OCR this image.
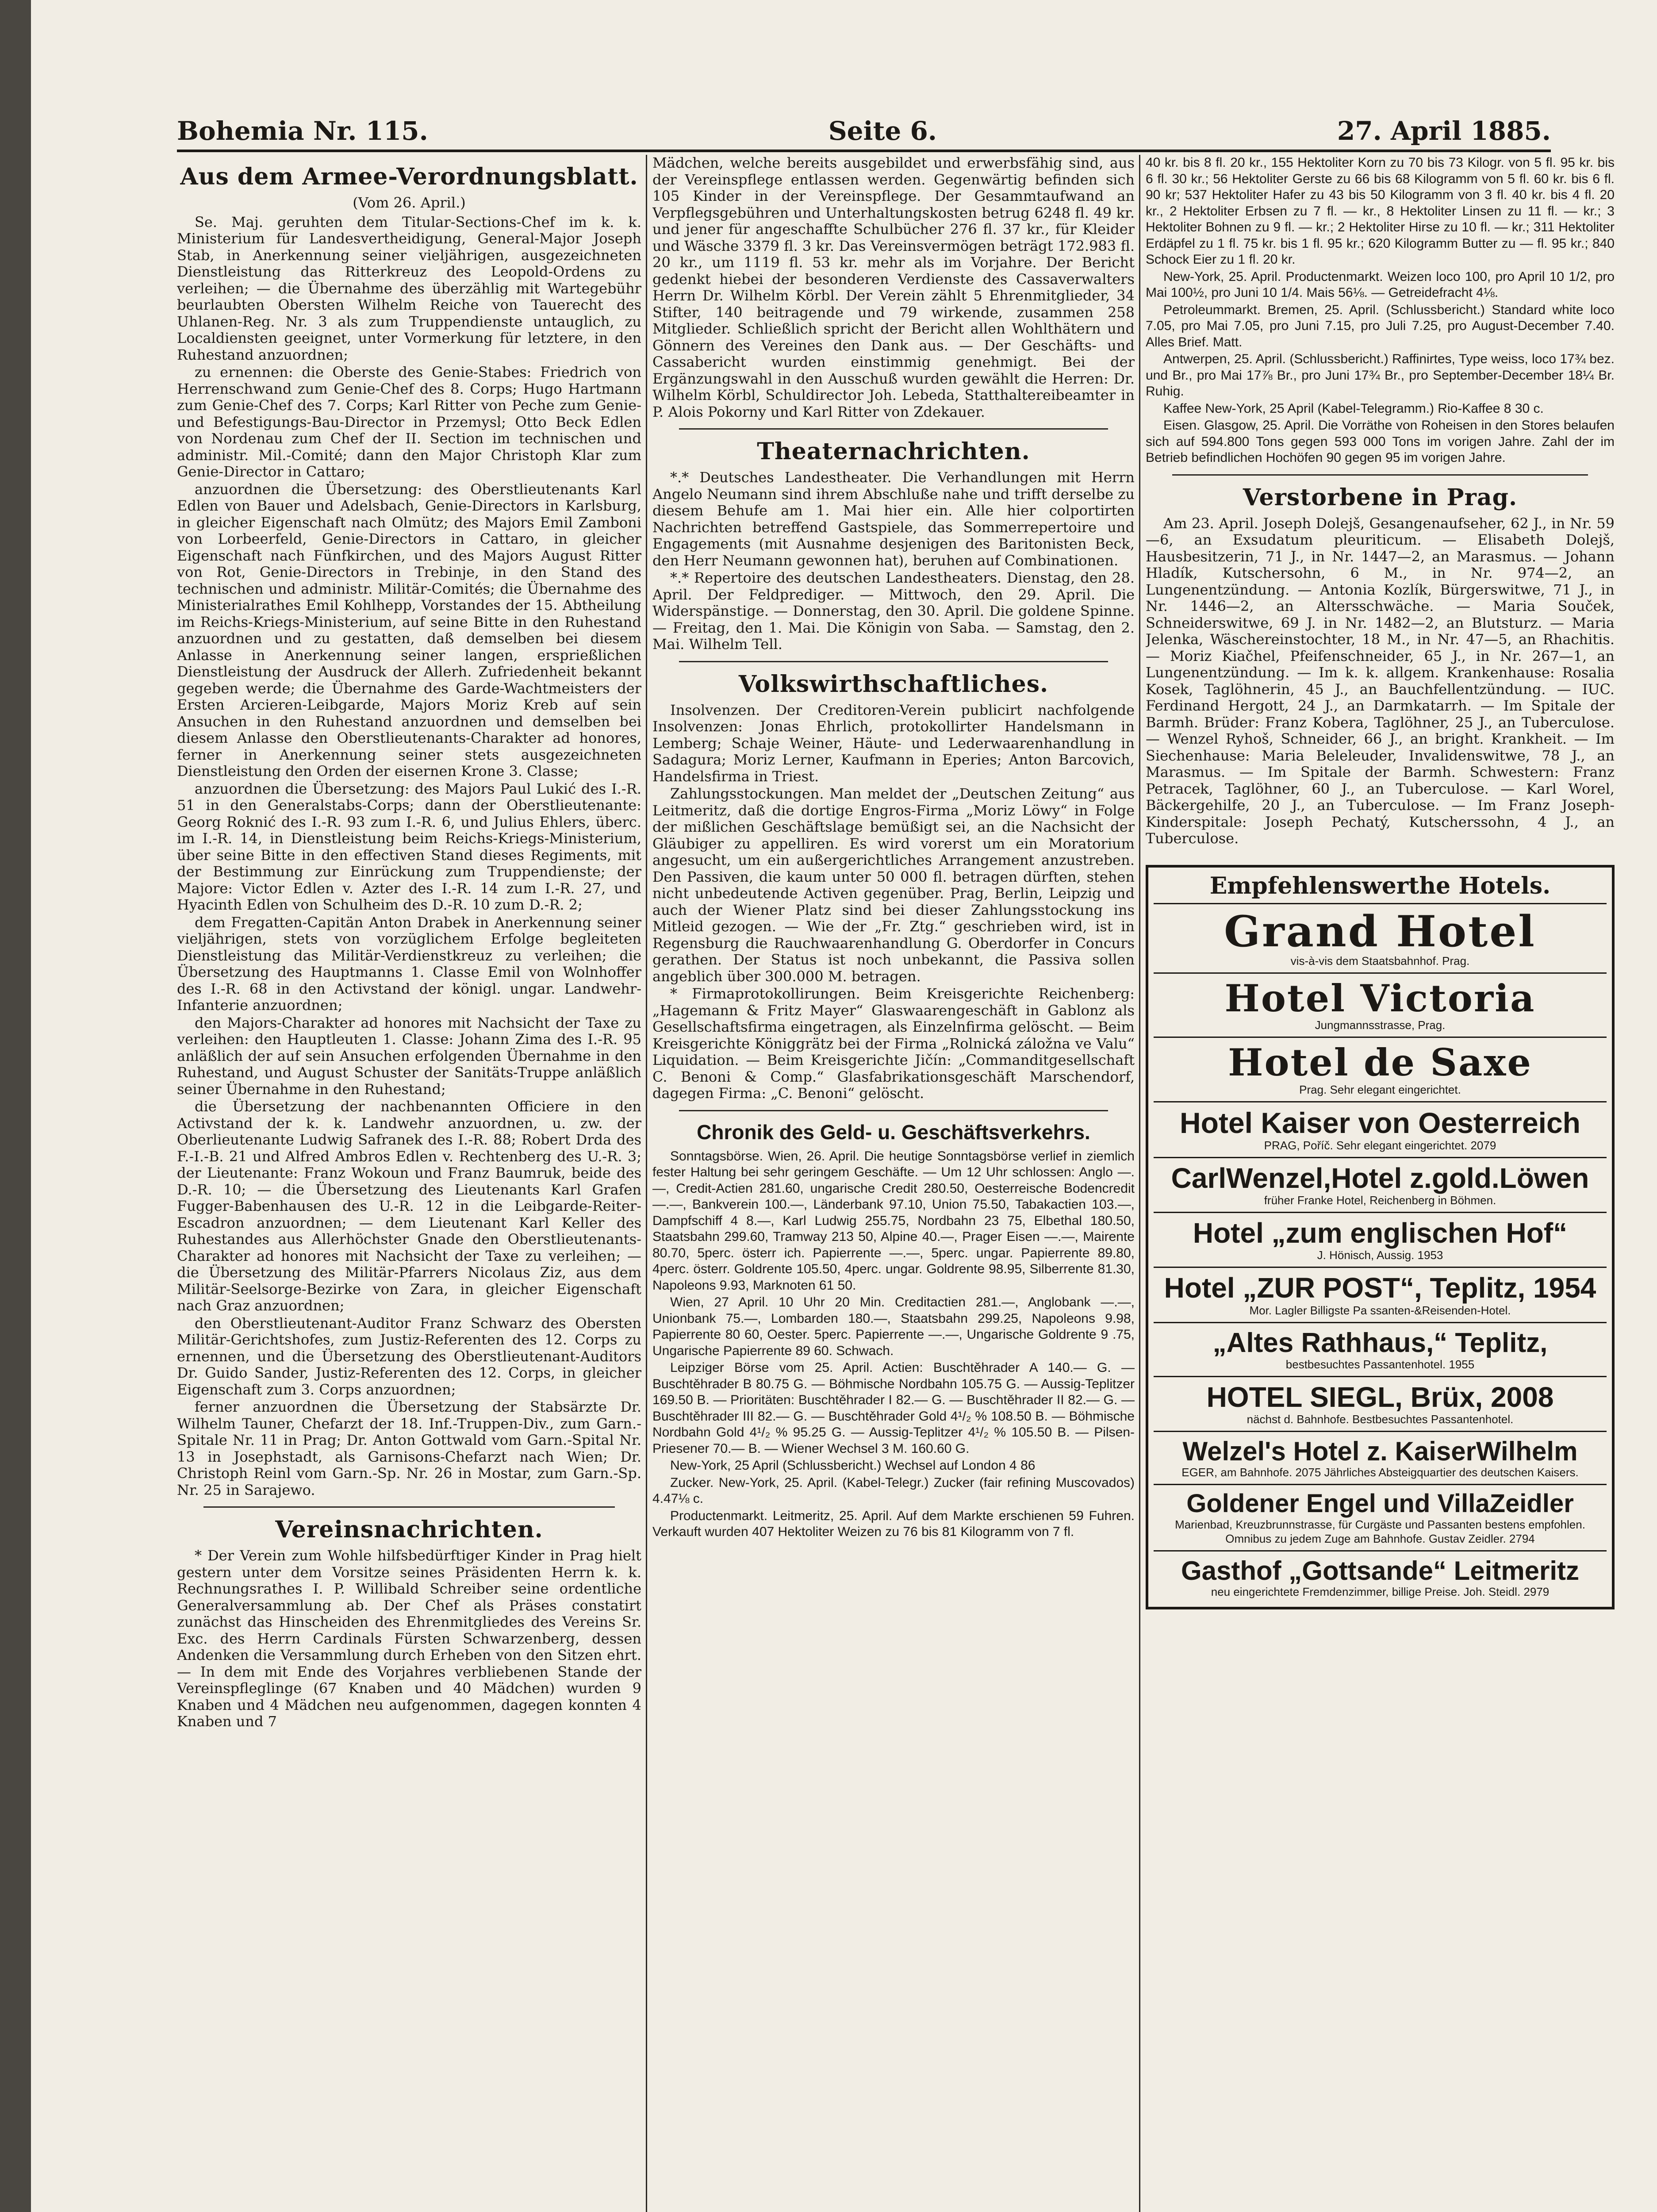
Bohemia Nr. 115.	Seite 6.	27. April 1885.
Aus dem Armee-Verordnungsblatt.
(Vom 26. April.)

Se. Maj. geruhten dem Titular-Sections-Chef im k. k. Ministerium für Landesvertheidigung, General-Major Joseph Stab, in Anerkennung seiner vieljährigen, ausgezeichneten Dienstleistung das Ritterkreuz des Leopold-Ordens zu verleihen; — die Übernahme des überzählig mit Wartegebühr beurlaubten Obersten Wilhelm Reiche von Tauerecht des Uhlanen-Reg. Nr. 3 als zum Truppendienste untauglich, zu Localdiensten geeignet, unter Vormerkung für letztere, in den Ruhestand anzuordnen;

zu ernennen: die Oberste des Genie-Stabes: Friedrich von Herrenschwand zum Genie-Chef des 8. Corps; Hugo Hartmann zum Genie-Chef des 7. Corps; Karl Ritter von Peche zum Genie- und Befestigungs-Bau-Director in Przemysl; Otto Beck Edlen von Nordenau zum Chef der II. Section im technischen und administr. Mil.-Comité; dann den Major Christoph Klar zum Genie-Director in Cattaro;

anzuordnen die Übersetzung: des Oberstlieutenants Karl Edlen von Bauer und Adelsbach, Genie-Directors in Karlsburg, in gleicher Eigenschaft nach Olmütz; des Majors Emil Zamboni von Lorbeerfeld, Genie-Directors in Cattaro, in gleicher Eigenschaft nach Fünfkirchen, und des Majors August Ritter von Rot, Genie-Directors in Trebinje, in den Stand des technischen und administr. Militär-Comités; die Übernahme des Ministerialrathes Emil Kohlhepp, Vorstandes der 15. Abtheilung im Reichs-Kriegs-Ministerium, auf seine Bitte in den Ruhestand anzuordnen und zu gestatten, daß demselben bei diesem Anlasse in Anerkennung seiner langen, ersprießlichen Dienstleistung der Ausdruck der Allerh. Zufriedenheit bekannt gegeben werde; die Übernahme des Garde-Wachtmeisters der Ersten Arcieren-Leibgarde, Majors Moriz Kreb auf sein Ansuchen in den Ruhestand anzuordnen und demselben bei diesem Anlasse den Oberstlieutenants-Charakter ad honores, ferner in Anerkennung seiner stets ausgezeichneten Dienstleistung den Orden der eisernen Krone 3. Classe;

anzuordnen die Übersetzung: des Majors Paul Lukić des I.-R. 51 in den Generalstabs-Corps; dann der Oberstlieutenante: Georg Roknić des I.-R. 93 zum I.-R. 6, und Julius Ehlers, überc. im I.-R. 14, in Dienstleistung beim Reichs-Kriegs-Ministerium, über seine Bitte in den effectiven Stand dieses Regiments, mit der Bestimmung zur Einrückung zum Truppendienste; der Majore: Victor Edlen v. Azter des I.-R. 14 zum I.-R. 27, und Hyacinth Edlen von Schulheim des D.-R. 10 zum D.-R. 2;

dem Fregatten-Capitän Anton Drabek in Anerkennung seiner vieljährigen, stets von vorzüglichem Erfolge begleiteten Dienstleistung das Militär-Verdienstkreuz zu verleihen; die Übersetzung des Hauptmanns 1. Classe Emil von Wolnhoffer des I.-R. 68 in den Activstand der königl. ungar. Landwehr-Infanterie anzuordnen;

den Majors-Charakter ad honores mit Nachsicht der Taxe zu verleihen: den Hauptleuten 1. Classe: Johann Zima des I.-R. 95 anläßlich der auf sein Ansuchen erfolgenden Übernahme in den Ruhestand, und August Schuster der Sanitäts-Truppe anläßlich seiner Übernahme in den Ruhestand;

die Übersetzung der nachbenannten Officiere in den Activstand der k. k. Landwehr anzuordnen, u. zw. der Oberlieutenante Ludwig Safranek des I.-R. 88; Robert Drda des F.-I.-B. 21 und Alfred Ambros Edlen v. Rechtenberg des U.-R. 3; der Lieutenante: Franz Wokoun und Franz Baumruk, beide des D.-R. 10; — die Übersetzung des Lieutenants Karl Grafen Fugger-Babenhausen des U.-R. 12 in die Leibgarde-Reiter-Escadron anzuordnen; — dem Lieutenant Karl Keller des Ruhestandes aus Allerhöchster Gnade den Oberstlieutenants-Charakter ad honores mit Nachsicht der Taxe zu verleihen; — die Übersetzung des Militär-Pfarrers Nicolaus Ziz, aus dem Militär-Seelsorge-Bezirke von Zara, in gleicher Eigenschaft nach Graz anzuordnen;

den Oberstlieutenant-Auditor Franz Schwarz des Obersten Militär-Gerichtshofes, zum Justiz-Referenten des 12. Corps zu ernennen, und die Übersetzung des Oberstlieutenant-Auditors Dr. Guido Sander, Justiz-Referenten des 12. Corps, in gleicher Eigenschaft zum 3. Corps anzuordnen;

ferner anzuordnen die Übersetzung der Stabsärzte Dr. Wilhelm Tauner, Chefarzt der 18. Inf.-Truppen-Div., zum Garn.-Spitale Nr. 11 in Prag; Dr. Anton Gottwald vom Garn.-Spital Nr. 13 in Josephstadt, als Garnisons-Chefarzt nach Wien; Dr. Christoph Reinl vom Garn.-Sp. Nr. 26 in Mostar, zum Garn.-Sp. Nr. 25 in Sarajewo.

Vereinsnachrichten.

* Der Verein zum Wohle hilfsbedürftiger Kinder in Prag hielt gestern unter dem Vorsitze seines Präsidenten Herrn k. k. Rechnungsrathes I. P. Willibald Schreiber seine ordentliche Generalversammlung ab. Der Chef als Präses constatirt zunächst das Hinscheiden des Ehrenmitgliedes des Vereins Sr. Exc. des Herrn Cardinals Fürsten Schwarzenberg, dessen Andenken die Versammlung durch Erheben von den Sitzen ehrt. — In dem mit Ende des Vorjahres verbliebenen Stande der Vereinspfleglinge (67 Knaben und 40 Mädchen) wurden 9 Knaben und 4 Mädchen neu aufgenommen, dagegen konnten 4 Knaben und 7

Mädchen, welche bereits ausgebildet und erwerbsfähig sind, aus der Vereinspflege entlassen werden. Gegenwärtig befinden sich 105 Kinder in der Vereinspflege. Der Gesammtaufwand an Verpflegsgebühren und Unterhaltungskosten betrug 6248 fl. 49 kr. und jener für angeschaffte Schulbücher 276 fl. 37 kr., für Kleider und Wäsche 3379 fl. 3 kr. Das Vereinsvermögen beträgt 172.983 fl. 20 kr., um 1119 fl. 53 kr. mehr als im Vorjahre. Der Bericht gedenkt hiebei der besonderen Verdienste des Cassaverwalters Herrn Dr. Wilhelm Körbl. Der Verein zählt 5 Ehrenmitglieder, 34 Stifter, 140 beitragende und 79 wirkende, zusammen 258 Mitglieder. Schließlich spricht der Bericht allen Wohlthätern und Gönnern des Vereines den Dank aus. — Der Geschäfts- und Cassabericht wurden einstimmig genehmigt. Bei der Ergänzungswahl in den Ausschuß wurden gewählt die Herren: Dr. Wilhelm Körbl, Schuldirector Joh. Lebeda, Statthaltereibeamter in P. Alois Pokorny und Karl Ritter von Zdekauer.

Theaternachrichten.

*.* Deutsches Landestheater. Die Verhandlungen mit Herrn Angelo Neumann sind ihrem Abschluße nahe und trifft derselbe zu diesem Behufe am 1. Mai hier ein. Alle hier colportirten Nachrichten betreffend Gastspiele, das Sommerrepertoire und Engagements (mit Ausnahme desjenigen des Baritonisten Beck, den Herr Neumann gewonnen hat), beruhen auf Combinationen.

*.* Repertoire des deutschen Landestheaters. Dienstag, den 28. April. Der Feldprediger. — Mittwoch, den 29. April. Die Widerspänstige. — Donnerstag, den 30. April. Die goldene Spinne. — Freitag, den 1. Mai. Die Königin von Saba. — Samstag, den 2. Mai. Wilhelm Tell.

Volkswirthschaftliches.

Insolvenzen. Der Creditoren-Verein publicirt nachfolgende Insolvenzen: Jonas Ehrlich, protokollirter Handelsmann in Lemberg; Schaje Weiner, Häute- und Lederwaarenhandlung in Sadagura; Moriz Lerner, Kaufmann in Eperies; Anton Barcovich, Handelsfirma in Triest.

Zahlungsstockungen. Man meldet der „Deutschen Zeitung“ aus Leitmeritz, daß die dortige Engros-Firma „Moriz Löwy“ in Folge der mißlichen Geschäftslage bemüßigt sei, an die Nachsicht der Gläubiger zu appelliren. Es wird vorerst um ein Moratorium angesucht, um ein außergerichtliches Arrangement anzustreben. Den Passiven, die kaum unter 50 000 fl. betragen dürften, stehen nicht unbedeutende Activen gegenüber. Prag, Berlin, Leipzig und auch der Wiener Platz sind bei dieser Zahlungsstockung ins Mitleid gezogen. — Wie der „Fr. Ztg.“ geschrieben wird, ist in Regensburg die Rauchwaarenhandlung G. Oberdorfer in Concurs gerathen. Der Status ist noch unbekannt, die Passiva sollen angeblich über 300.000 M. betragen.

* Firmaprotokollirungen. Beim Kreisgerichte Reichenberg: „Hagemann & Fritz Mayer“ Glaswaarengeschäft in Gablonz als Gesellschaftsfirma eingetragen, als Einzelnfirma gelöscht. — Beim Kreisgerichte Königgrätz bei der Firma „Rolnická záložna ve Valu“ Liquidation. — Beim Kreisgerichte Jičín: „Commanditgesellschaft C. Benoni & Comp.“ Glasfabrikationsgeschäft Marschendorf, dagegen Firma: „C. Benoni“ gelöscht.

Chronik des Geld- u. Geschäftsverkehrs.

Sonntagsbörse. Wien, 26. April. Die heutige Sonntagsbörse verlief in ziemlich fester Haltung bei sehr geringem Geschäfte. — Um 12 Uhr schlossen: Anglo —.—, Credit-Actien 281.60, ungarische Credit 280.50, Oesterreische Bodencredit —.—, Bankverein 100.—, Länderbank 97.10, Union 75.50, Tabakactien 103.—, Dampfschiff 4 8.—, Karl Ludwig 255.75, Nordbahn 23 75, Elbethal 180.50, Staatsbahn 299.60, Tramway 213 50, Alpine 40.—, Prager Eisen —.—, Mairente 80.70, 5perc. österr ich. Papierrente —.—, 5perc. ungar. Papierrente 89.80, 4perc. österr. Goldrente 105.50, 4perc. ungar. Goldrente 98.95, Silberrente 81.30, Napoleons 9.93, Marknoten 61 50.

Wien, 27 April. 10 Uhr 20 Min. Creditactien 281.—, Anglobank —.—, Unionbank 75.—, Lombarden 180.—, Staatsbahn 299.25, Napoleons 9.98, Papierrente 80 60, Oester. 5perc. Papierrente —.—, Ungarische Goldrente 9 .75, Ungarische Papierrente 89 60. Schwach.

Leipziger Börse vom 25. April. Actien: Buschtěhrader A 140.— G. — Buschtěhrader B 80.75 G. — Böhmische Nordbahn 105.75 G. — Aussig-Teplitzer 169.50 B. — Prioritäten: Buschtěhrader I 82.— G. — Buschtěhrader II 82.— G. — Buschtěhrader III 82.— G. — Buschtěhrader Gold 4¹/₂ % 108.50 B. — Böhmische Nordbahn Gold 4¹/₂ % 95.25 G. — Aussig-Teplitzer 4¹/₂ % 105.50 B. — Pilsen-Priesener 70.— B. — Wiener Wechsel 3 M. 160.60 G.

New-York, 25 April (Schlussbericht.) Wechsel auf London 4 86

Zucker. New-York, 25. April. (Kabel-Telegr.) Zucker (fair refining Muscovados) 4.47⅛ c.

Productenmarkt. Leitmeritz, 25. April. Auf dem Markte erschienen 59 Fuhren. Verkauft wurden 407 Hektoliter Weizen zu 76 bis 81 Kilogramm von 7 fl.

40 kr. bis 8 fl. 20 kr., 155 Hektoliter Korn zu 70 bis 73 Kilogr. von 5 fl. 95 kr. bis 6 fl. 30 kr.; 56 Hektoliter Gerste zu 66 bis 68 Kilogramm von 5 fl. 60 kr. bis 6 fl. 90 kr; 537 Hektoliter Hafer zu 43 bis 50 Kilogramm von 3 fl. 40 kr. bis 4 fl. 20 kr., 2 Hektoliter Erbsen zu 7 fl. — kr., 8 Hektoliter Linsen zu 11 fl. — kr.; 3 Hektoliter Bohnen zu 9 fl. — kr.; 2 Hektoliter Hirse zu 10 fl. — kr.; 311 Hektoliter Erdäpfel zu 1 fl. 75 kr. bis 1 fl. 95 kr.; 620 Kilogramm Butter zu — fl. 95 kr.; 840 Schock Eier zu 1 fl. 20 kr.

New-York, 25. April. Productenmarkt. Weizen loco 100, pro April 10 1/2, pro Mai 100½, pro Juni 10 1/4. Mais 56⅛. — Getreidefracht 4⅛.

Petroleummarkt. Bremen, 25. April. (Schlussbericht.) Standard white loco 7.05, pro Mai 7.05, pro Juni 7.15, pro Juli 7.25, pro August-December 7.40. Alles Brief. Matt.

Antwerpen, 25. April. (Schlussbericht.) Raffinirtes, Type weiss, loco 17¾ bez. und Br., pro Mai 17⅞ Br., pro Juni 17¾ Br., pro September-December 18¼ Br. Ruhig.

Kaffee New-York, 25 April (Kabel-Telegramm.) Rio-Kaffee 8 30 c.

Eisen. Glasgow, 25. April. Die Vorräthe von Roheisen in den Stores belaufen sich auf 594.800 Tons gegen 593 000 Tons im vorigen Jahre. Zahl der im Betrieb befindlichen Hochöfen 90 gegen 95 im vorigen Jahre.

Verstorbene in Prag.

Am 23. April. Joseph Dolejš, Gesangenaufseher, 62 J., in Nr. 59—6, an Exsudatum pleuriticum. — Elisabeth Dolejš, Hausbesitzerin, 71 J., in Nr. 1447—2, an Marasmus. — Johann Hladík, Kutschersohn, 6 M., in Nr. 974—2, an Lungenentzündung. — Antonia Kozlík, Bürgerswitwe, 71 J., in Nr. 1446—2, an Altersschwäche. — Maria Souček, Schneiderswitwe, 69 J. in Nr. 1482—2, an Blutsturz. — Maria Jelenka, Wäschereinstochter, 18 M., in Nr. 47—5, an Rhachitis. — Moriz Kiačhel, Pfeifenschneider, 65 J., in Nr. 267—1, an Lungenentzündung. — Im k. k. allgem. Krankenhause: Rosalia Kosek, Taglöhnerin, 45 J., an Bauchfellentzündung. — IUC. Ferdinand Hergott, 24 J., an Darmkatarrh. — Im Spitale der Barmh. Brüder: Franz Kobera, Taglöhner, 25 J., an Tuberculose. — Wenzel Ryhoš, Schneider, 66 J., an bright. Krankheit. — Im Siechenhause: Maria Beleleuder, Invalidenswitwe, 78 J., an Marasmus. — Im Spitale der Barmh. Schwestern: Franz Petracek, Taglöhner, 60 J., an Tuberculose. — Karl Worel, Bäckergehilfe, 20 J., an Tuberculose. — Im Franz Joseph-Kinderspitale: Joseph Pechatý, Kutscherssohn, 4 J., an Tuberculose.

Empfehlenswerthe Hotels.
Grand Hotel
vis-à-vis dem Staatsbahnhof. Prag.
Hotel Victoria
Jungmannsstrasse, Prag.
Hotel de Saxe
Prag. Sehr elegant eingerichtet.
Hotel Kaiser von Oesterreich
PRAG, Poříč. Sehr elegant eingerichtet. 2079
CarlWenzel,Hotel z.gold.Löwen
früher Franke Hotel, Reichenberg in Böhmen.
Hotel „zum englischen Hof“
J. Hönisch, Aussig. 1953
Hotel „ZUR POST“, Teplitz, 1954
Mor. Lagler Billigste Pa ssanten-&Reisenden-Hotel.
„Altes Rathhaus,“ Teplitz,
bestbesuchtes Passantenhotel. 1955
HOTEL SIEGL, Brüx, 2008
nächst d. Bahnhofe. Bestbesuchtes Passantenhotel.
Welzel's Hotel z. KaiserWilhelm
EGER, am Bahnhofe. 2075 Jährliches Absteigquartier des deutschen Kaisers.
Goldener Engel und VillaZeidler
Marienbad, Kreuzbrunnstrasse, für Curgäste und Passanten bestens empfohlen. Omnibus zu jedem Zuge am Bahnhofe. Gustav Zeidler. 2794
Gasthof „Gottsande“ Leitmeritz
neu eingerichtete Fremdenzimmer, billige Preise. Joh. Steidl. 2979
